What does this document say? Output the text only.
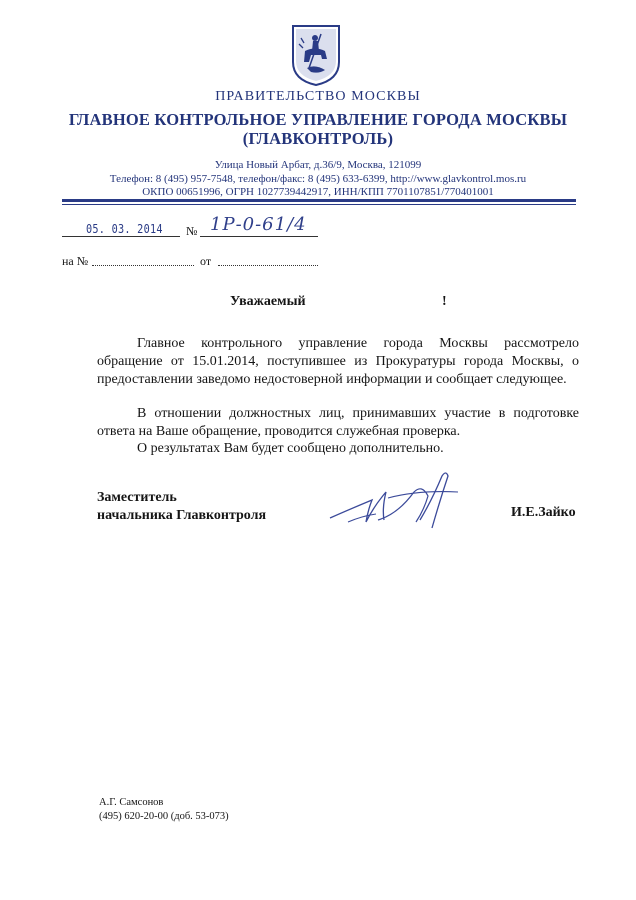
ПРАВИТЕЛЬСТВО МОСКВЫ
ГЛАВНОЕ КОНТРОЛЬНОЕ УПРАВЛЕНИЕ ГОРОДА МОСКВЫ
(ГЛАВКОНТРОЛЬ)
Улица Новый Арбат, д.36/9, Москва, 121099
Телефон: 8 (495) 957-7548, телефон/факс: 8 (495) 633-6399, http://www.glavkontrol.mos.ru
ОКПО 00651996, ОГРН 1027739442917, ИНН/КПП 7701107851/770401001
05. 03. 2014 № 1Р-0-61/4
на №	от
Уважаемый	!
Главное контрольного управление города Москвы рассмотрело обращение от 15.01.2014, поступившее из Прокуратуры города Москвы, о предоставлении заведомо недостоверной информации и сообщает следующее.
В отношении должностных лиц, принимавших участие в подготовке ответа на Ваше обращение, проводится служебная проверка.
О результатах Вам будет сообщено дополнительно.
Заместитель
начальника Главконтроля	И.Е.Зайко
А.Г. Самсонов
(495) 620-20-00 (доб. 53-073)
